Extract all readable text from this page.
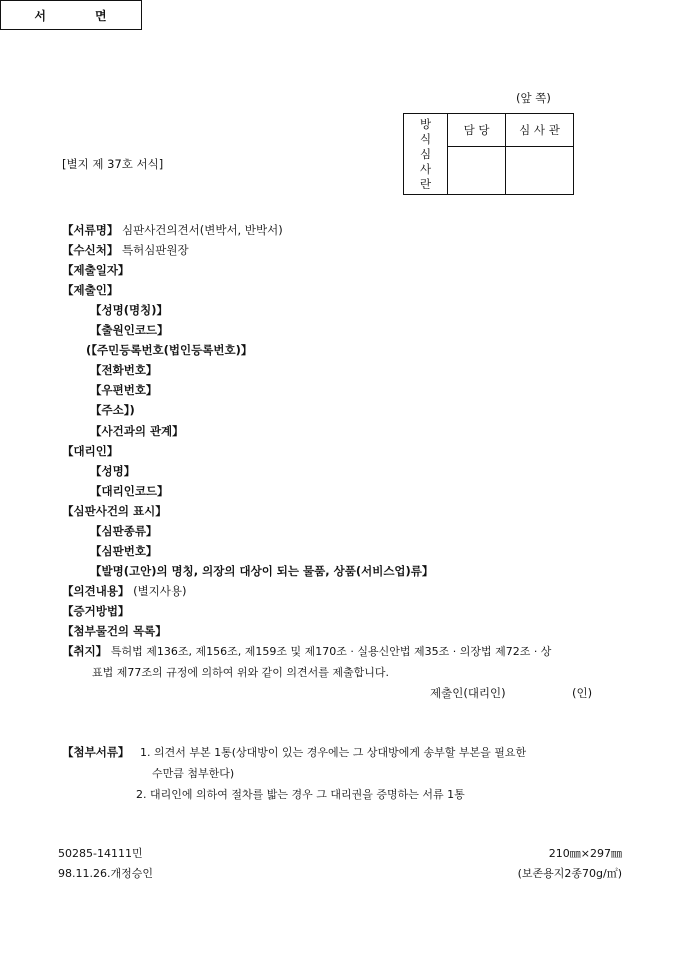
서	면
(앞 쪽)
방
식
심
사
란	담 당	심 사 관

[별지 제 37호 서식]
【서류명】 심판사건의견서(변박서, 반박서)
【수신처】 특허심판원장
【제출일자】
【제출인】
【성명(명칭)】
【출원인코드】
(【주민등록번호(법인등록번호)】
【전화번호】
【우편번호】
【주소】)
【사건과의 관계】
【대리인】
【성명】
【대리인코드】
【심판사건의 표시】
【심판종류】
【심판번호】
【발명(고안)의 명칭, 의장의 대상이 되는 물품, 상품(서비스업)류】
【의견내용】 (별지사용)
【증거방법】
【첨부물건의 목록】
【취지】 특허법 제136조, 제156조, 제159조 및 제170조 · 실용신안법 제35조 · 의장법 제72조 · 상
표법 제77조의 규정에 의하여 위와 같이 의견서를 제출합니다.
제출인(대리인)	(인)
【첨부서류】 1. 의견서 부본 1통(상대방이 있는 경우에는 그 상대방에게 송부할 부본을 필요한
수만큼 첨부한다)
2. 대리인에 의하여 절차를 밟는 경우 그 대리권을 증명하는 서류 1통
50285-14111민
98.11.26.개정승인
210㎜×297㎜
(보존용지2종70g/㎡)
